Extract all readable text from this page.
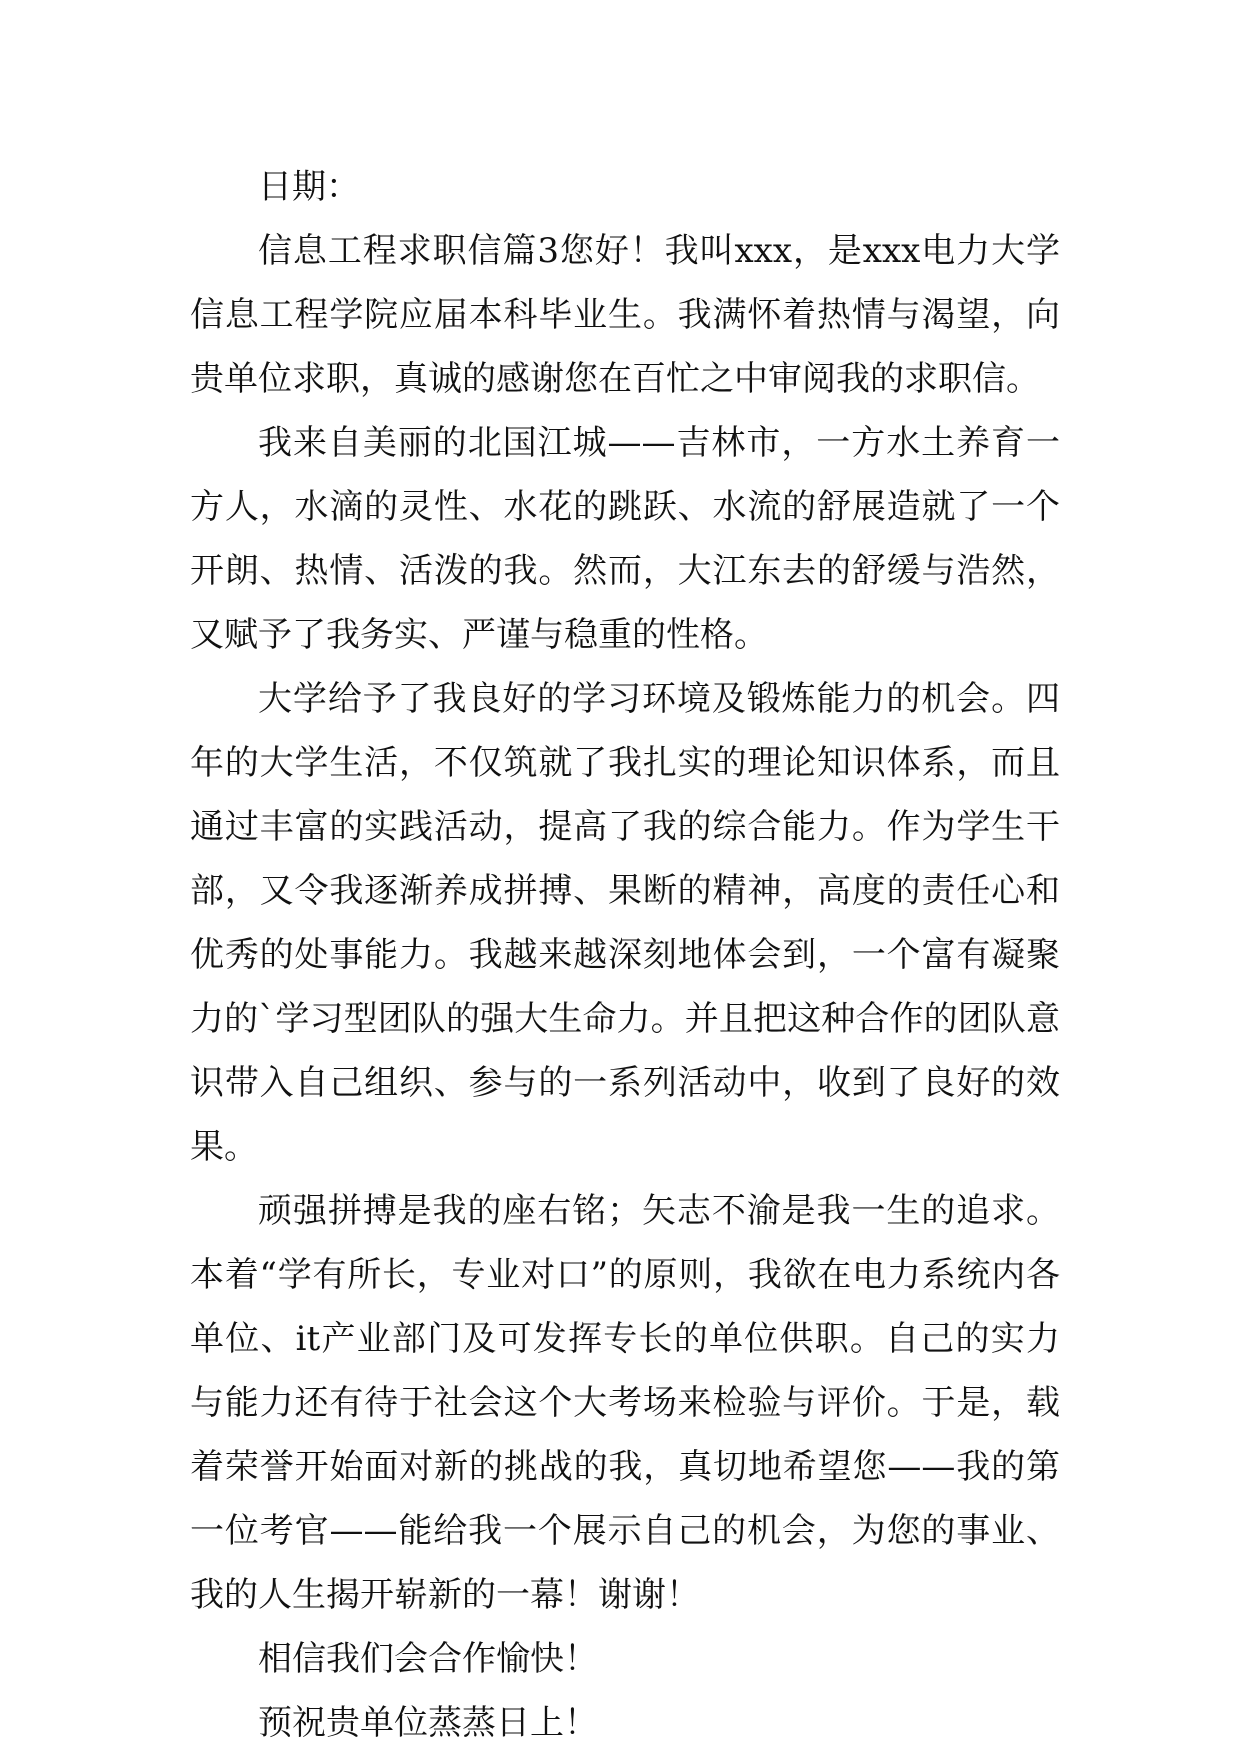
日期：

信息工程求职信篇3您好！我叫xxx，是xxx电力大学信息工程学院应届本科毕业生。我满怀着热情与渴望，向贵单位求职，真诚的感谢您在百忙之中审阅我的求职信。

我来自美丽的北国江城——吉林市，一方水土养育一方人，水滴的灵性、水花的跳跃、水流的舒展造就了一个开朗、热情、活泼的我。然而，大江东去的舒缓与浩然，又赋予了我务实、严谨与稳重的性格。

大学给予了我良好的学习环境及锻炼能力的机会。四年的大学生活，不仅筑就了我扎实的理论知识体系，而且通过丰富的实践活动，提高了我的综合能力。作为学生干部，又令我逐渐养成拼搏、果断的精神，高度的责任心和优秀的处事能力。我越来越深刻地体会到，一个富有凝聚力的`学习型团队的强大生命力。并且把这种合作的团队意识带入自己组织、参与的一系列活动中，收到了良好的效果。

顽强拼搏是我的座右铭；矢志不渝是我一生的追求。本着“学有所长，专业对口”的原则，我欲在电力系统内各单位、it产业部门及可发挥专长的单位供职。自己的实力与能力还有待于社会这个大考场来检验与评价。于是，载着荣誉开始面对新的挑战的我，真切地希望您——我的第一位考官——能给我一个展示自己的机会，为您的事业、我的人生揭开崭新的一幕！谢谢！

相信我们会合作愉快！

预祝贵单位蒸蒸日上！
